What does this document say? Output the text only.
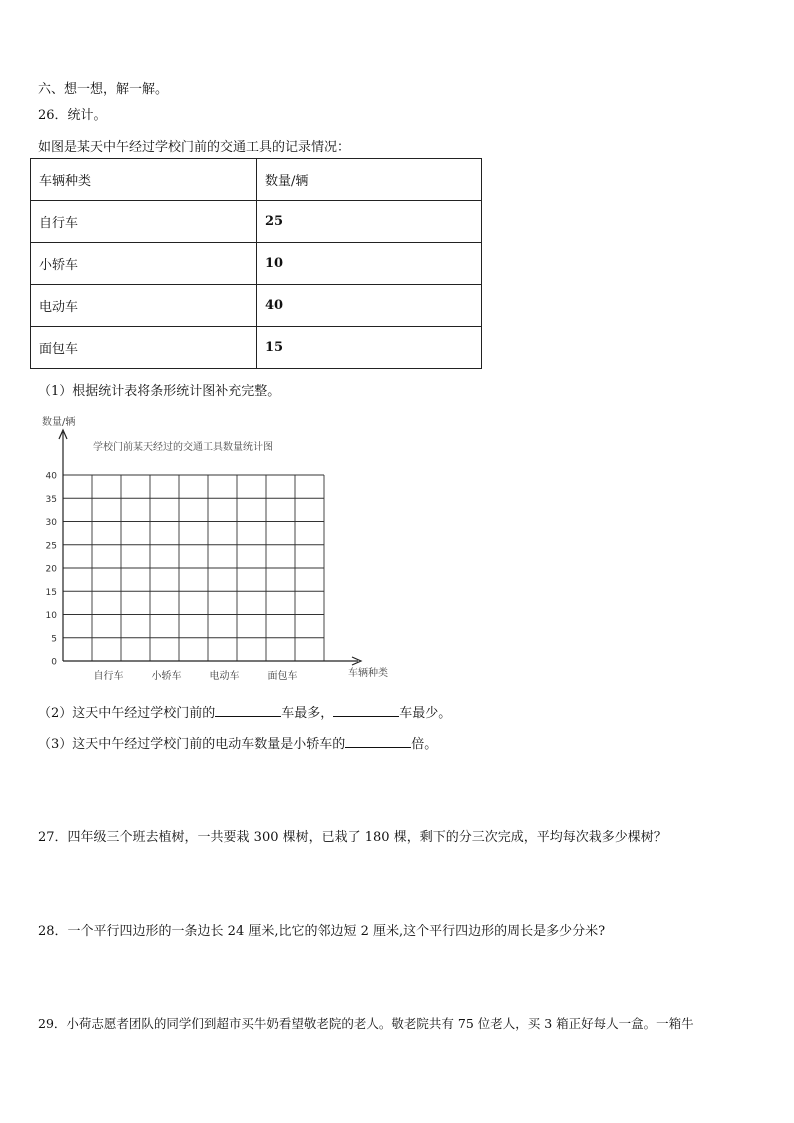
六、想一想，解一解。
26．统计。
如图是某天中午经过学校门前的交通工具的记录情况：
车辆种类	数量/辆
自行车	25
小轿车	10
电动车	40
面包车	15
（1）根据统计表将条形统计图补充完整。
数量/辆
学校门前某天经过的交通工具数量统计图
车辆种类
0
5
10
15
20
25
30
35
40
自行车	小轿车	电动车	面包车
（2）这天中午经过学校门前的	车最多，	车最少。
（3）这天中午经过学校门前的电动车数量是小轿车的	倍。
27．四年级三个班去植树，一共要栽 300 棵树，已栽了 180 棵，剩下的分三次完成，平均每次栽多少棵树？
28．一个平行四边形的一条边长 24 厘米,比它的邻边短 2 厘米,这个平行四边形的周长是多少分米?
29．小荷志愿者团队的同学们到超市买牛奶看望敬老院的老人。敬老院共有 75 位老人，买 3 箱正好每人一盒。一箱牛
